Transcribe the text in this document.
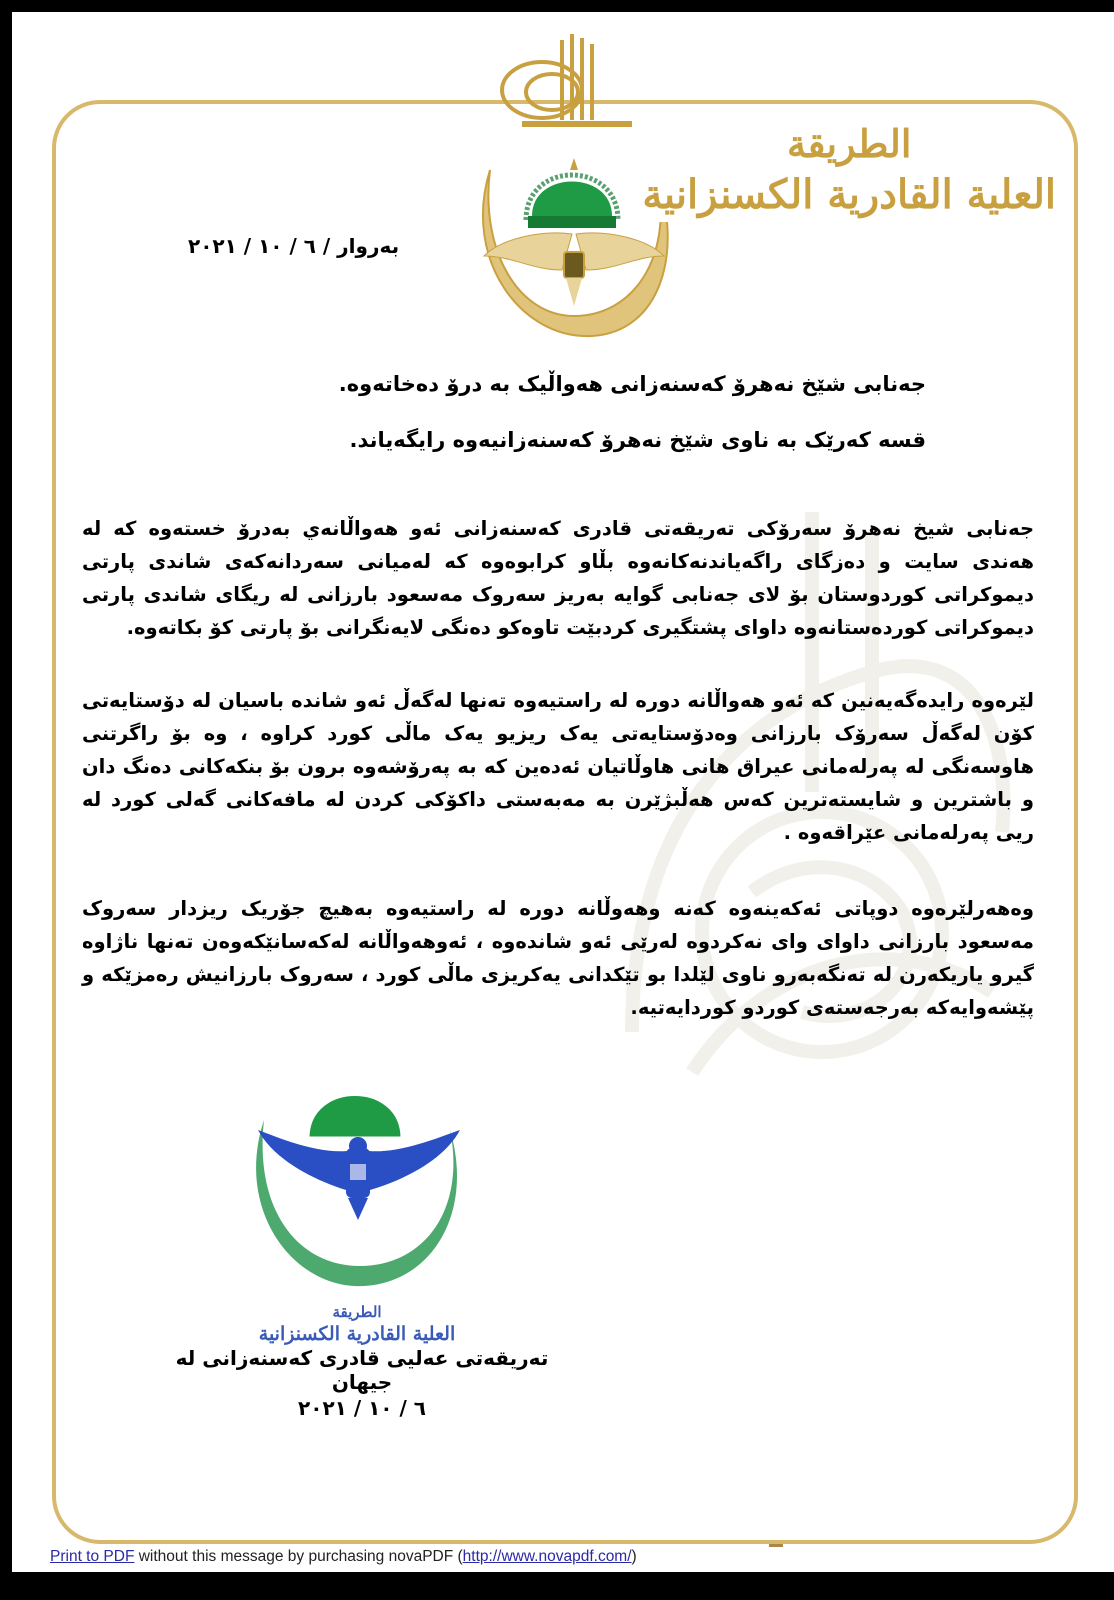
الطريقة
العلية القادرية الكسنزانية
بەروار / ٦ / ١٠ / ٢٠٢١
جەنابی شێخ نەهرۆ کەسنەزانی هەواڵیک بە درۆ دەخاتەوە.
قسە کەرێک بە ناوی شێخ نەهرۆ کەسنەزانیەوە رایگەیاند.

جەنابی شیخ نەهرۆ سەرۆکی تەریقەتی قادری کەسنەزانی ئەو هەواڵانەي بەدرۆ خستەوە کە لە هەندی سایت و دەزگای راگەیاندنەکانەوە بڵاو کرابوەوە کە لەمیانی سەردانەکەی شاندی پارتی دیموکراتی کوردوستان بۆ لای جەنابی گوایە بەریز سەروک مەسعود بارزانی لە ریگای شاندی پارتی دیموکراتی کوردەستانەوە داوای پشتگیری کردبێت تاوەکو دەنگی لایەنگرانی بۆ پارتی کۆ بکاتەوە.

لێرەوە رایدەگەیەنین کە ئەو هەواڵانە دورە لە راستیەوە تەنها لەگەڵ ئەو شاندە باسیان لە دۆستایەتی کۆن لەگەڵ سەرۆک بارزانی وەدۆستایەتی یەک ریزیو یەک ماڵی کورد کراوە ، وە بۆ راگرتنی هاوسەنگی لە پەرلەمانی عیراق هانی هاوڵاتیان ئەدەین کە بە پەرۆشەوە برون بۆ بنکەکانی دەنگ دان و باشترین و شایستەترین کەس هەڵبژێرن بە مەبەستی داکۆکی کردن لە مافەکانی گەلی کورد لە ریی پەرلەمانی عێراقەوە .

وەهەرلێرەوە دوپاتی ئەکەینەوە کەنە وهەوڵانە دورە لە راستیەوە بەهیچ جۆریک ریزدار سەروک مەسعود بارزانی داوای وای نەکردوە لەرێی ئەو شاندەوە ، ئەوهەواڵانە لەکەسانێکەوەن تەنها ناژاوە گیرو یاریکەرن لە تەنگەبەرو ناوی لێلدا بو تێکدانی یەکریزی ماڵی کورد ، سەروک بارزانیش رەمزێکە و پێشەوایەکە بەرجەستەی کوردو کوردایەتیە.

الطريقة
العلية القادرية الكسنزانية
تەریقەتی عەلیی قادری کەسنەزانی لە جیهان
٦ / ١٠ / ٢٠٢١
Print to PDF without this message by purchasing novaPDF (http://www.novapdf.com/)
